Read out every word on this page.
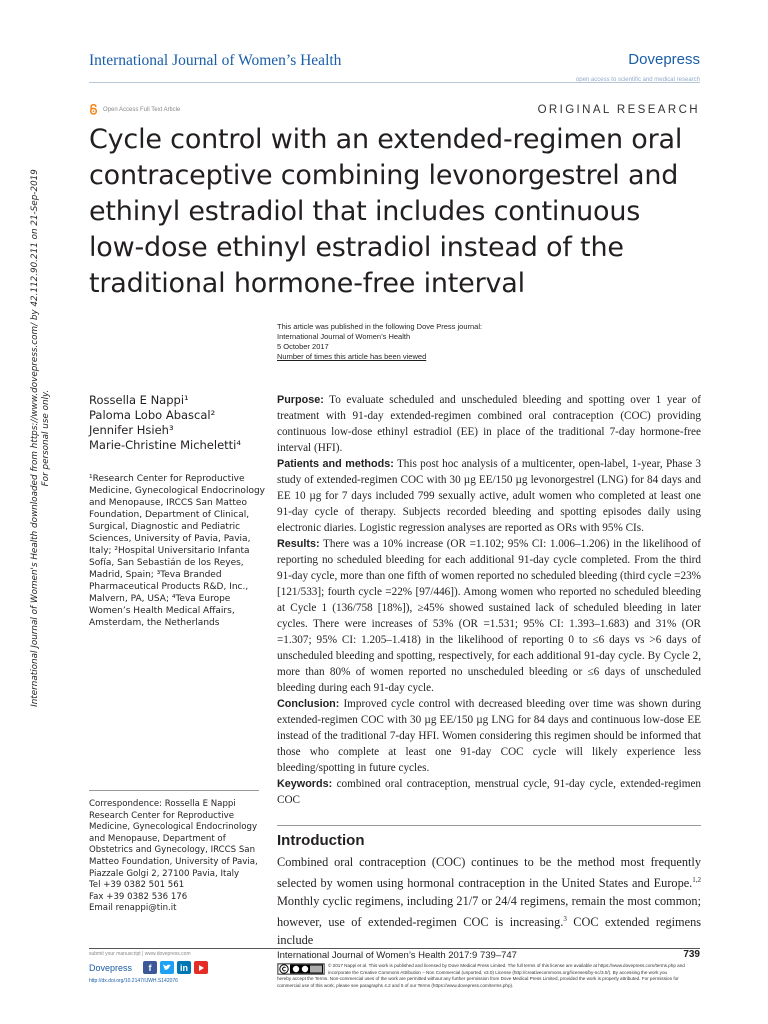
International Journal of Women’s Health	Dovepress
open access to scientific and medical research
Open Access Full Text Article	ORIGINAL RESEARCH
Cycle control with an extended-regimen oral contraceptive combining levonorgestrel and ethinyl estradiol that includes continuous low-dose ethinyl estradiol instead of the traditional hormone-free interval
International Journal of Women's Health downloaded from https://www.dovepress.com/ by 42.112.90.211 on 21-Sep-2019 For personal use only.
This article was published in the following Dove Press journal:
International Journal of Women’s Health
5 October 2017
Number of times this article has been viewed
Rossella E Nappi¹
Paloma Lobo Abascal²
Jennifer Hsieh³
Marie-Christine Micheletti⁴
¹Research Center for Reproductive Medicine, Gynecological Endocrinology and Menopause, IRCCS San Matteo Foundation, Department of Clinical, Surgical, Diagnostic and Pediatric Sciences, University of Pavia, Pavia, Italy; ²Hospital Universitario Infanta Sofía, San Sebastián de los Reyes, Madrid, Spain; ³Teva Branded Pharmaceutical Products R&D, Inc., Malvern, PA, USA; ⁴Teva Europe Women’s Health Medical Affairs, Amsterdam, the Netherlands

Purpose: To evaluate scheduled and unscheduled bleeding and spotting over 1 year of treatment with 91-day extended-regimen combined oral contraception (COC) providing continuous low-dose ethinyl estradiol (EE) in place of the traditional 7-day hormone-free interval (HFI).

Patients and methods: This post hoc analysis of a multicenter, open-label, 1-year, Phase 3 study of extended-regimen COC with 30 µg EE/150 µg levonorgestrel (LNG) for 84 days and EE 10 µg for 7 days included 799 sexually active, adult women who completed at least one 91-day cycle of therapy. Subjects recorded bleeding and spotting episodes daily using electronic diaries. Logistic regression analyses are reported as ORs with 95% CIs.

Results: There was a 10% increase (OR =1.102; 95% CI: 1.006–1.206) in the likelihood of reporting no scheduled bleeding for each additional 91-day cycle completed. From the third 91-day cycle, more than one fifth of women reported no scheduled bleeding (third cycle =23% [121/533]; fourth cycle =22% [97/446]). Among women who reported no scheduled bleeding at Cycle 1 (136/758 [18%]), ≥45% showed sustained lack of scheduled bleeding in later cycles. There were increases of 53% (OR =1.531; 95% CI: 1.393–1.683) and 31% (OR =1.307; 95% CI: 1.205–1.418) in the likelihood of reporting 0 to ≤6 days vs >6 days of unscheduled bleeding and spotting, respectively, for each additional 91-day cycle. By Cycle 2, more than 80% of women reported no unscheduled bleeding or ≤6 days of unscheduled bleeding during each 91-day cycle.

Conclusion: Improved cycle control with decreased bleeding over time was shown during extended-regimen COC with 30 µg EE/150 µg LNG for 84 days and continuous low-dose EE instead of the traditional 7-day HFI. Women considering this regimen should be informed that those who complete at least one 91-day COC cycle will likely experience less bleeding/spotting in future cycles.

Keywords: combined oral contraception, menstrual cycle, 91-day cycle, extended-regimen COC

Correspondence: Rossella E Nappi
Research Center for Reproductive
Medicine, Gynecological Endocrinology
and Menopause, Department of
Obstetrics and Gynecology, IRCCS San
Matteo Foundation, University of Pavia,
Piazzale Golgi 2, 27100 Pavia, Italy
Tel +39 0382 501 561
Fax +39 0382 536 176
Email renappi@tin.it
Introduction
Combined oral contraception (COC) continues to be the method most frequently selected by women using hormonal contraception in the United States and Europe.$^{1,2}$ Monthly cyclic regimens, including 21/7 or 24/4 regimens, remain the most common; however, use of extended-regimen COC is increasing.$^3$ COC extended regimens include
submit your manuscript | www.dovepress.com
Dovepress	f	in
http://dx.doi.org/10.2147/IJWH.S142076
International Journal of Women’s Health 2017:9 739–747	739
© 2017 Nappi et al. This work is published and licensed by Dove Medical Press Limited. The full terms of this license are available at https://www.dovepress.com/terms.php and incorporate the Creative Commons Attribution – Non Commercial (unported, v3.0) License (http://creativecommons.org/licenses/by-nc/3.0/). By accessing the work you
hereby accept the Terms. Non-commercial uses of the work are permitted without any further permission from Dove Medical Press Limited, provided the work is properly attributed. For permission for commercial use of this work, please see paragraphs 4.2 and 5 of our Terms (https://www.dovepress.com/terms.php).
